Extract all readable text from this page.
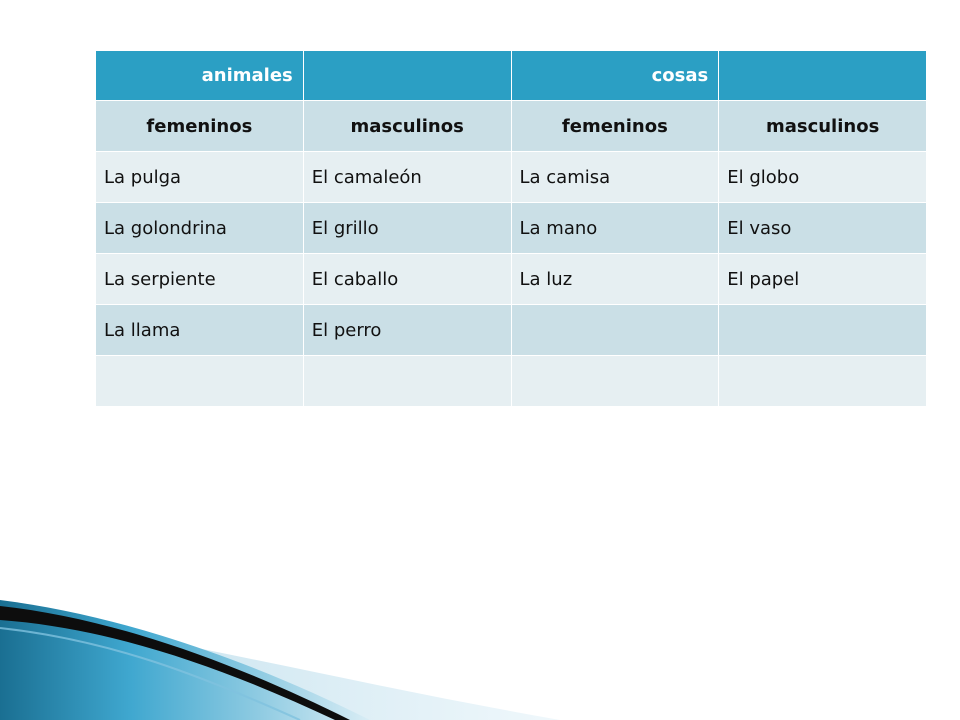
animales		cosas	
femeninos	masculinos	femeninos	masculinos
La pulga	El camaleón	La camisa	El globo
La golondrina	El grillo	La mano	El vaso
La serpiente	El caballo	La luz	El papel
La llama	El perro		
